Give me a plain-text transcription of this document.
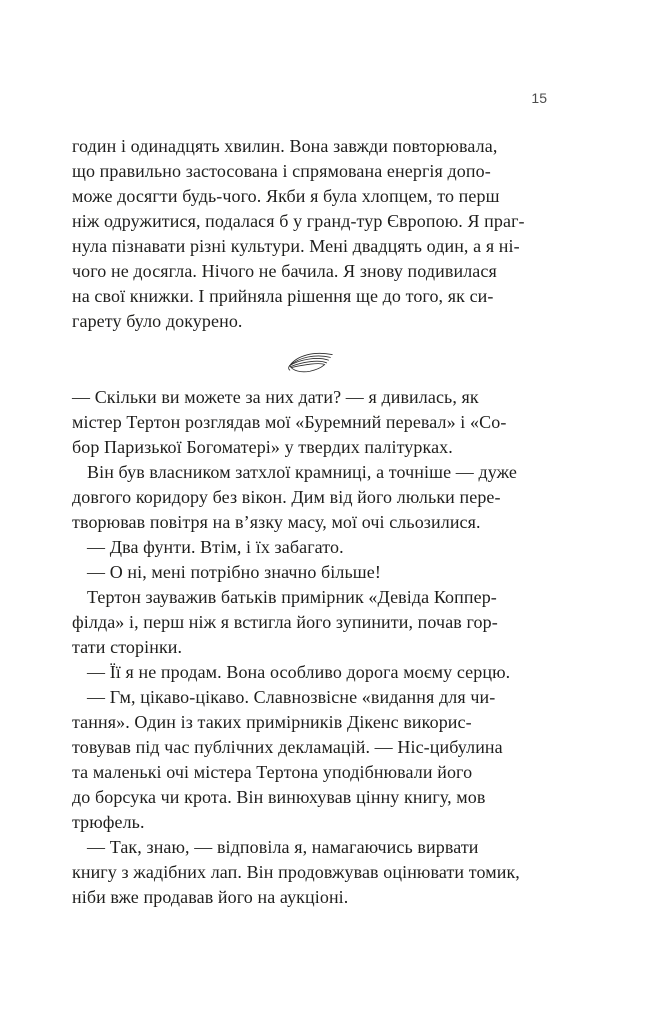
15
годин і одинадцять хвилин. Вона завжди повторювала,
що правильно застосована і спрямована енергія допо-
може досягти будь-чого. Якби я була хлопцем, то перш
ніж одружитися, подалася б у гранд-тур Європою. Я праг-
нула пізнавати різні культури. Мені двадцять один, а я ні-
чого не досягла. Нічого не бачила. Я знову подивилася
на свої книжки. І прийняла рішення ще до того, як си-
гарету було докурено.
— Скільки ви можете за них дати? — я дивилась, як
містер Тертон розглядав мої «Буремний перевал» і «Со-
бор Паризької Богоматері» у твердих палітурках.
Він був власником затхлої крамниці, а точніше — дуже
довгого коридору без вікон. Дим від його люльки пере-
творював повітря на в’язку масу, мої очі сльозилися.
— Два фунти. Втім, і їх забагато.
— О ні, мені потрібно значно більше!
Тертон зауважив батьків примірник «Девіда Коппер-
філда» і, перш ніж я встигла його зупинити, почав гор-
тати сторінки.
— Її я не продам. Вона особливо дорога моєму серцю.
— Гм, цікаво-цікаво. Славнозвісне «видання для чи-
тання». Один із таких примірників Дікенс викорис-
товував під час публічних декламацій. — Ніс-цибулина
та маленькі очі містера Тертона уподібнювали його
до борсука чи крота. Він винюхував цінну книгу, мов
трюфель.
— Так, знаю, — відповіла я, намагаючись вирвати
книгу з жадібних лап. Він продовжував оцінювати томик,
ніби вже продавав його на аукціоні.
